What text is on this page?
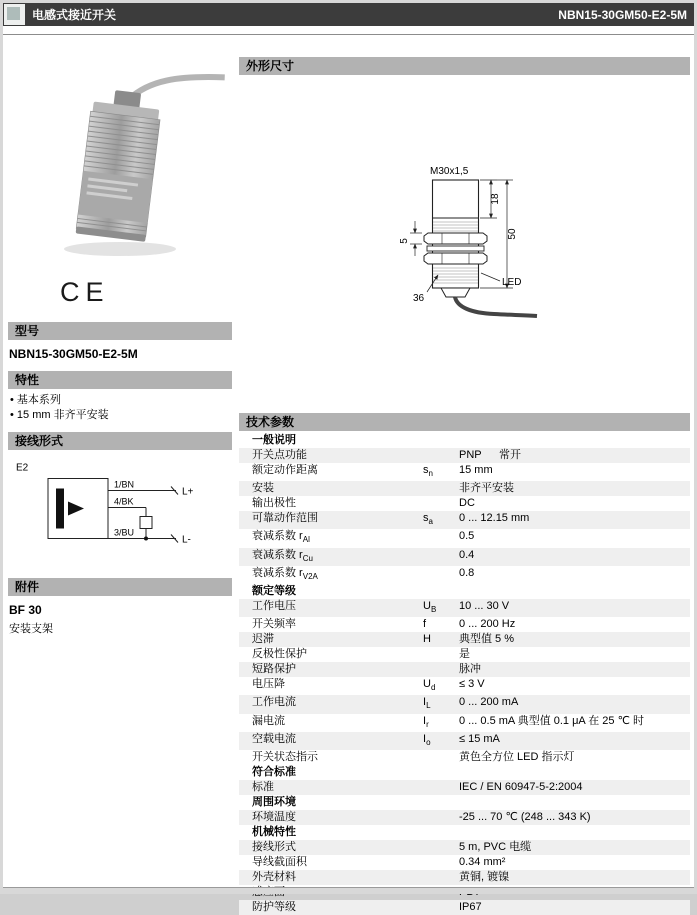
电感式接近开关	NBN15-30GM50-E2-5M
CE
型号
NBN15-30GM50-E2-5M
特性
• 基本系列
• 15 mm 非齐平安装
接线形式
E2
1/BN
4/BK
3/BU
L+
L-
附件
BF 30
安装支架
外形尺寸
M30x1,5
18
50
5
36
LED
技术参数
一般说明
开关点功能	PNP 常开
额定动作距离	$s_n$	15 mm
安装	非齐平安装
输出极性	DC
可靠动作范围	$s_a$	0 ... 12.15 mm
衰减系数 $r_{Al}$	0.5
衰减系数 $r_{Cu}$	0.4
衰减系数 $r_{V2A}$	0.8
额定等级
工作电压	$U_B$	10 ... 30 V
开关频率	f	0 ... 200 Hz
迟滞	H	典型值 5 %
反极性保护	是
短路保护	脉冲
电压降	$U_d$	≤ 3 V
工作电流	$I_L$	0 ... 200 mA
漏电流	$I_r$	0 ... 0.5 mA 典型值 0.1 μA 在 25 ℃ 时
空载电流	$I_o$	≤ 15 mA
开关状态指示	黄色全方位 LED 指示灯
符合标准
标准	IEC / EN 60947-5-2:2004
周围环境
环境温度	-25 ... 70 ℃ (248 ... 343 K)
机械特性
接线形式	5 m, PVC 电缆
导线截面积	0.34 mm²
外壳材料	黄铜, 镀镍
防护等级	IP67
